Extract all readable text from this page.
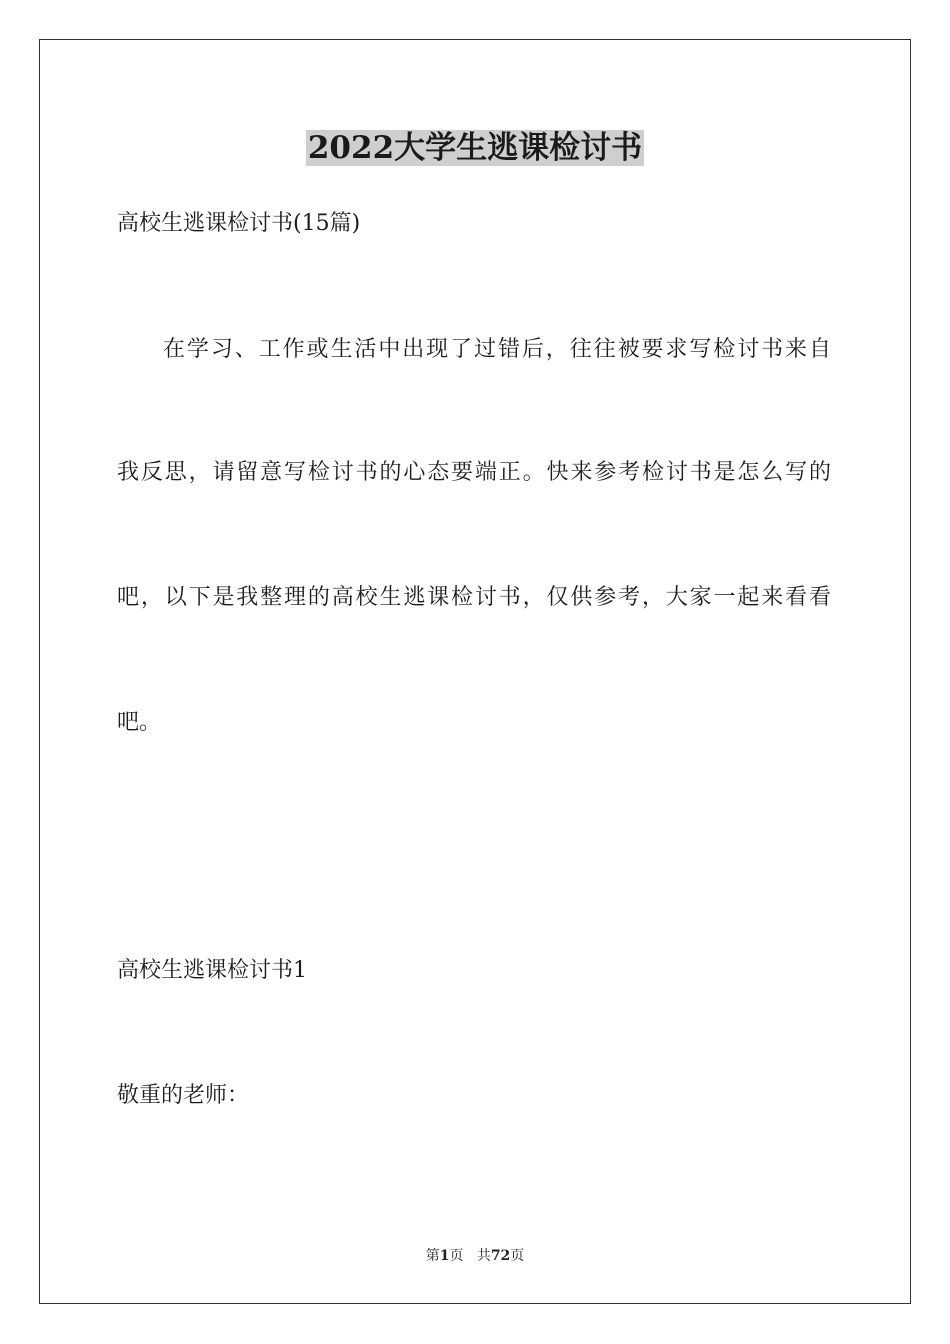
2022大学生逃课检讨书
高校生逃课检讨书(15篇)
在学习、工作或生活中出现了过错后，往往被要求写检讨书来自
我反思，请留意写检讨书的心态要端正。快来参考检讨书是怎么写的
吧，以下是我整理的高校生逃课检讨书，仅供参考，大家一起来看看
吧。
高校生逃课检讨书1
敬重的老师：
第1页 共72页
